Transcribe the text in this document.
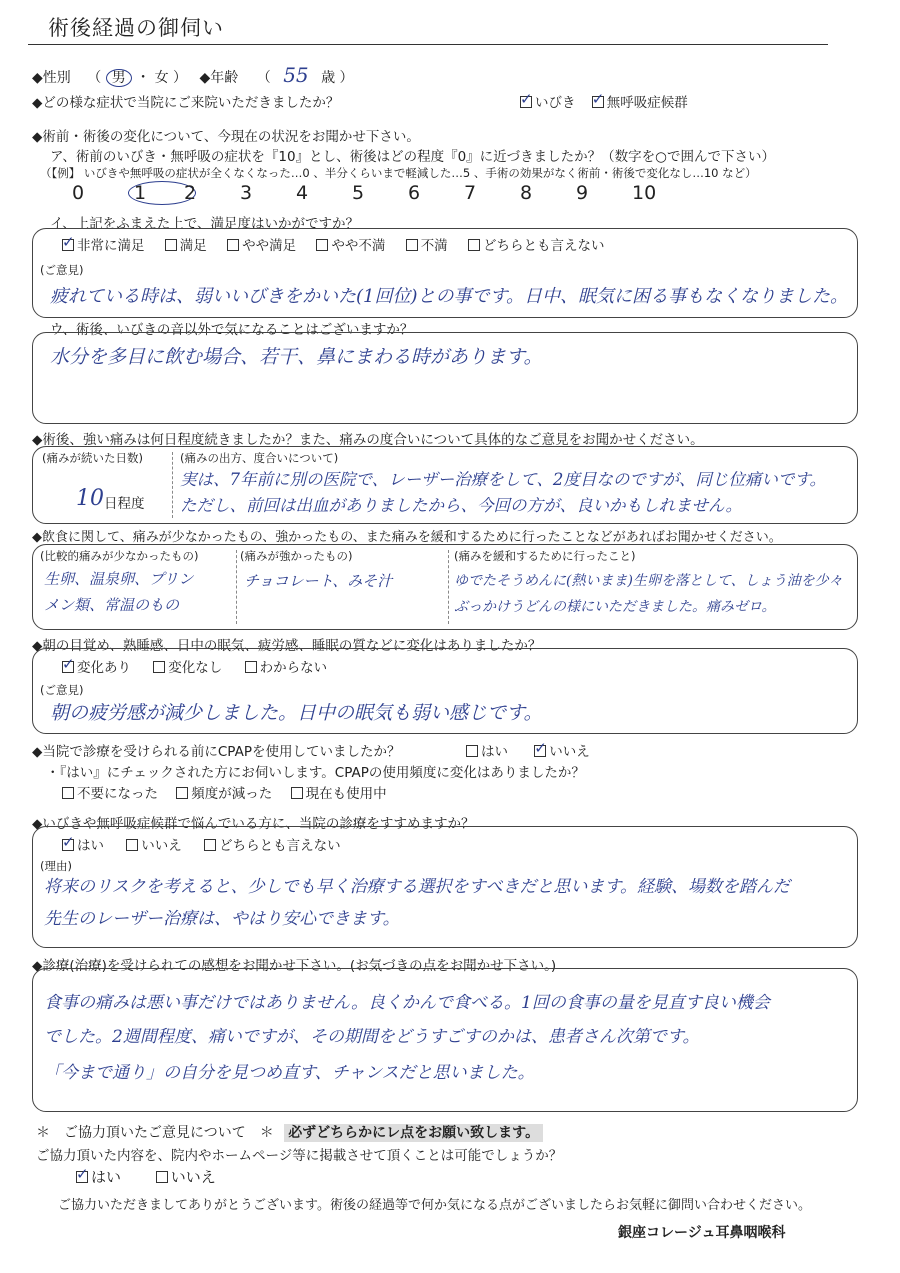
術後経過の御伺い
◆性別 （ 男 ・ 女 ） ◆年齢 （ 55 歳 ）
◆どの様な症状で当院にご来院いただきましたか？ ✓	いびき ✓ 無呼吸症候群
◆術前・術後の変化について、今現在の状況をお聞かせ下さい。
ア、術前のいびき・無呼吸の症状を『10』とし、術後はどの程度『0』に近づきましたか？（数字を○で囲んで下さい）
（【例】 いびきや無呼吸の症状が全くなくなった…0 、半分くらいまで軽減した…5 、手術の効果がなく術前・術後で変化なし…10 など）
0	1 2 3 4 5 6 7 8 9 10
イ、上記をふまえた上で、満足度はいかがですか？
✓非常に満足	満足	やや満足	やや不満	不満	どちらとも言えない
(ご意見)
疲れている時は、弱いいびきをかいた(1回位)との事です。日中、眠気に困る事もなくなりました。
ウ、術後、いびきの音以外で気になることはございますか？
水分を多目に飲む場合、若干、鼻にまわる時があります。
◆術後、強い痛みは何日程度続きましたか？また、痛みの度合いについて具体的なご意見をお聞かせください。
(痛みが続いた日数)
10 日程度
(痛みの出方、度合いについて)
実は、7年前に別の医院で、レーザー治療をして、2度目なのですが、同じ位痛いです。
ただし、前回は出血がありましたから、今回の方が、良いかもしれません。
◆飲食に関して、痛みが少なかったもの、強かったもの、また痛みを緩和するために行ったことなどがあればお聞かせください。
(比較的痛みが少なかったもの)
生卵、温泉卵、プリン
メン類、常温のもの
(痛みが強かったもの)
チョコレート、みそ汁
(痛みを緩和するために行ったこと)
ゆでたそうめんに(熱いまま)生卵を落として、しょう油を少々
ぶっかけうどんの様にいただきました。痛みゼロ。
◆朝の目覚め、熟睡感、日中の眠気、疲労感、睡眠の質などに変化はありましたか？
✓変化あり	変化なし	わからない
(ご意見)
朝の疲労感が減少しました。日中の眠気も弱い感じです。
◆当院で診療を受けられる前にCPAPを使用していましたか？	はい ✓	いいえ
・『はい』にチェックされた方にお伺いします。CPAPの使用頻度に変化はありましたか？
不要になった 頻度が減った 現在も使用中
◆いびきや無呼吸症候群で悩んでいる方に、当院の診療をすすめますか？
✓はい	いいえ	どちらとも言えない
(理由)
将来のリスクを考えると、少しでも早く治療する選択をすべきだと思います。経験、場数を踏んだ
先生のレーザー治療は、やはり安心できます。
◆診療(治療)を受けられての感想をお聞かせ下さい。(お気づきの点をお聞かせ下さい。)
食事の痛みは悪い事だけではありません。良くかんで食べる。1回の食事の量を見直す良い機会
でした。2週間程度、痛いですが、その期間をどうすごすのかは、患者さん次第です。
「今まで通り」の自分を見つめ直す、チャンスだと思いました。
＊　ご協力頂いたご意見について　＊ 必ずどちらかにレ点をお願い致します。
ご協力頂いた内容を、院内やホームページ等に掲載させて頂くことは可能でしょうか？
✓はい	いいえ
ご協力いただきましてありがとうございます。術後の経過等で何か気になる点がございましたらお気軽に御問い合わせください。
銀座コレージュ耳鼻咽喉科
